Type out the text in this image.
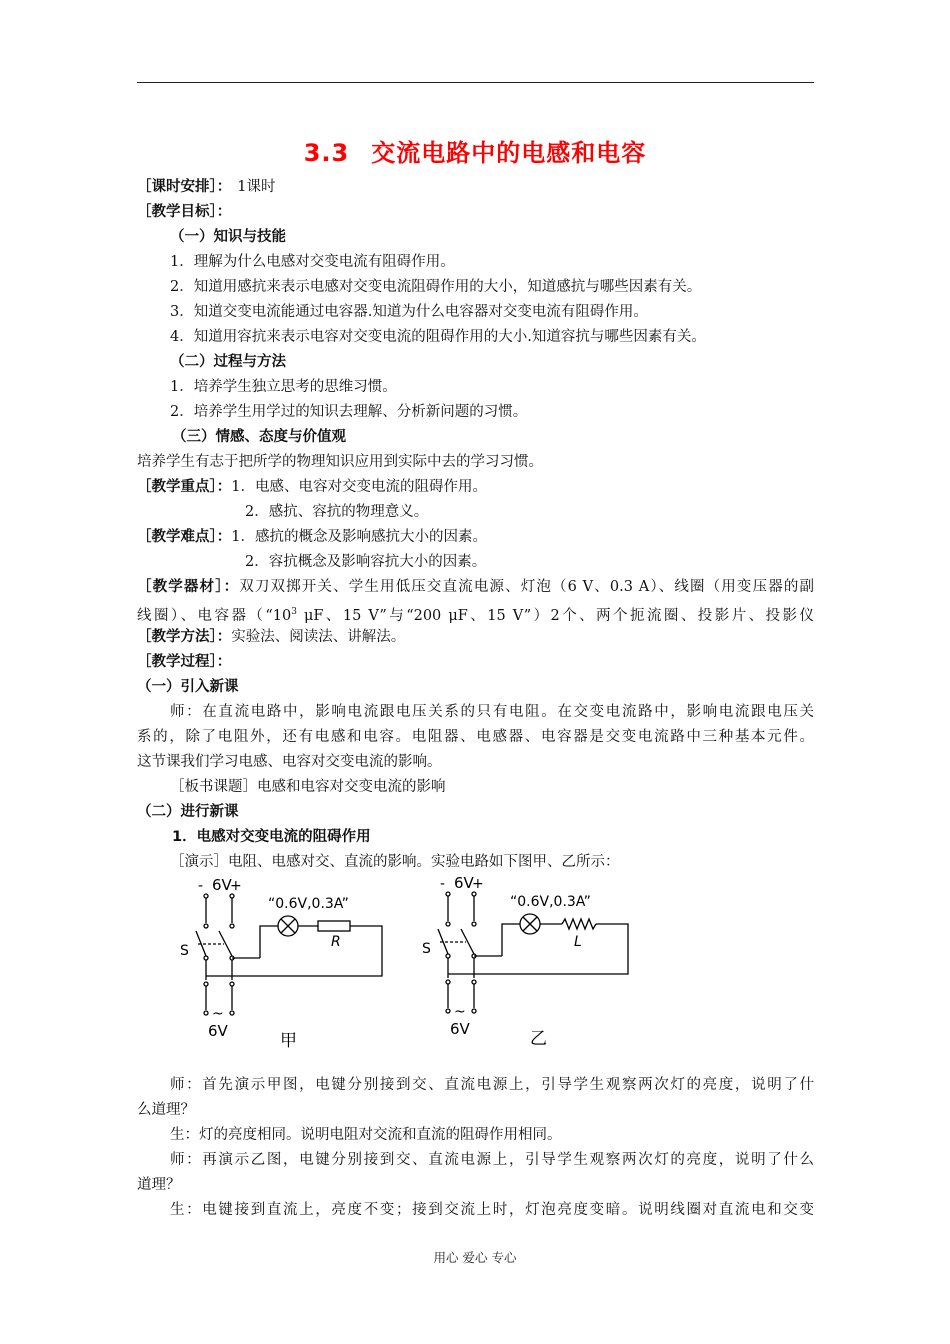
3.3 交流电路中的电感和电容
［课时安排］： 1课时
［教学目标］：
（一）知识与技能
1．理解为什么电感对交变电流有阻碍作用。
2．知道用感抗来表示电感对交变电流阻碍作用的大小，知道感抗与哪些因素有关。
3．知道交变电流能通过电容器.知道为什么电容器对交变电流有阻碍作用。
4．知道用容抗来表示电容对交变电流的阻碍作用的大小.知道容抗与哪些因素有关。
（二）过程与方法
1．培养学生独立思考的思维习惯。
2．培养学生用学过的知识去理解、分析新问题的习惯。
（三）情感、态度与价值观
培养学生有志于把所学的物理知识应用到实际中去的学习习惯。
［教学重点］：1．电感、电容对交变电流的阻碍作用。
2．感抗、容抗的物理意义。
［教学难点］：1．感抗的概念及影响感抗大小的因素。
2．容抗概念及影响容抗大小的因素。
［教学器材］：双刀双掷开关、学生用低压交直流电源、灯泡（6 V、0.3 A）、线圈（用变压器的副
线圈）、电容器（“$10^3$ μF、15 V”与“200 μF、15 V”）2个、两个扼流圈、投影片、投影仪
［教学方法］：实验法、阅读法、讲解法。
［教学过程］：
（一）引入新课
师：在直流电路中，影响电流跟电压关系的只有电阻。在交变电流路中，影响电流跟电压关
系的，除了电阻外，还有电感和电容。电阻器、电感器、电容器是交变电流路中三种基本元件。
这节课我们学习电感、电容对交变电流的影响。
［板书课题］电感和电容对交变电流的影响
（二）进行新课
1．电感对交变电流的阻碍作用
［演示］电阻、电感对交、直流的影响。实验电路如下图甲、乙所示：
- 6V
+
S
R
“0.6V,0.3A”
~
6V	甲
- 6V
+
S	L
“0.6V,0.3A”
~
6V	乙
师：首先演示甲图，电键分别接到交、直流电源上，引导学生观察两次灯的亮度，说明了什
么道理？
生：灯的亮度相同。说明电阻对交流和直流的阻碍作用相同。
师：再演示乙图，电键分别接到交、直流电源上，引导学生观察两次灯的亮度，说明了什么
道理？
生：电键接到直流上，亮度不变；接到交流上时，灯泡亮度变暗。说明线圈对直流电和交变
用心 爱心 专心
